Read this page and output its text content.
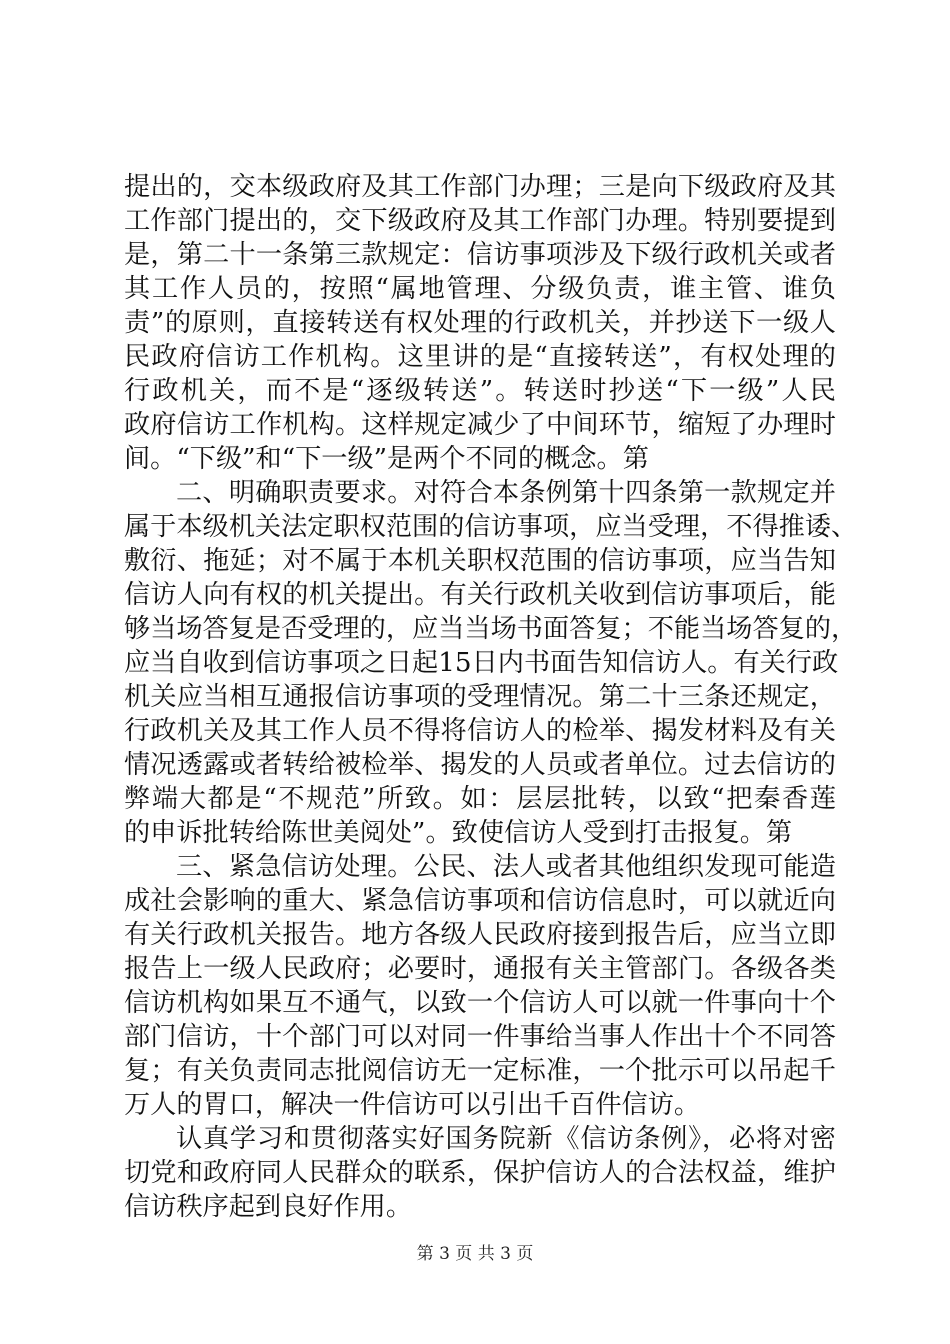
提出的，交本级政府及其工作部门办理；三是向下级政府及其
工作部门提出的，交下级政府及其工作部门办理。特别要提到
是，第二十一条第三款规定：信访事项涉及下级行政机关或者
其工作人员的，按照“属地管理、分级负责，谁主管、谁负
责”的原则，直接转送有权处理的行政机关，并抄送下一级人
民政府信访工作机构。这里讲的是“直接转送”，有权处理的
行政机关，而不是“逐级转送”。转送时抄送“下一级”人民
政府信访工作机构。这样规定减少了中间环节，缩短了办理时
间。“下级”和“下一级”是两个不同的概念。第
二、明确职责要求。对符合本条例第十四条第一款规定并
属于本级机关法定职权范围的信访事项，应当受理，不得推诿、
敷衍、拖延；对不属于本机关职权范围的信访事项，应当告知
信访人向有权的机关提出。有关行政机关收到信访事项后，能
够当场答复是否受理的，应当当场书面答复；不能当场答复的，
应当自收到信访事项之日起15日内书面告知信访人。有关行政
机关应当相互通报信访事项的受理情况。第二十三条还规定，
行政机关及其工作人员不得将信访人的检举、揭发材料及有关
情况透露或者转给被检举、揭发的人员或者单位。过去信访的
弊端大都是“不规范”所致。如：层层批转，以致“把秦香莲
的申诉批转给陈世美阅处”。致使信访人受到打击报复。第
三、紧急信访处理。公民、法人或者其他组织发现可能造
成社会影响的重大、紧急信访事项和信访信息时，可以就近向
有关行政机关报告。地方各级人民政府接到报告后，应当立即
报告上一级人民政府；必要时，通报有关主管部门。各级各类
信访机构如果互不通气，以致一个信访人可以就一件事向十个
部门信访，十个部门可以对同一件事给当事人作出十个不同答
复；有关负责同志批阅信访无一定标准，一个批示可以吊起千
万人的胃口，解决一件信访可以引出千百件信访。
认真学习和贯彻落实好国务院新《信访条例》，必将对密
切党和政府同人民群众的联系，保护信访人的合法权益，维护
信访秩序起到良好作用。
第 3 页 共 3 页
